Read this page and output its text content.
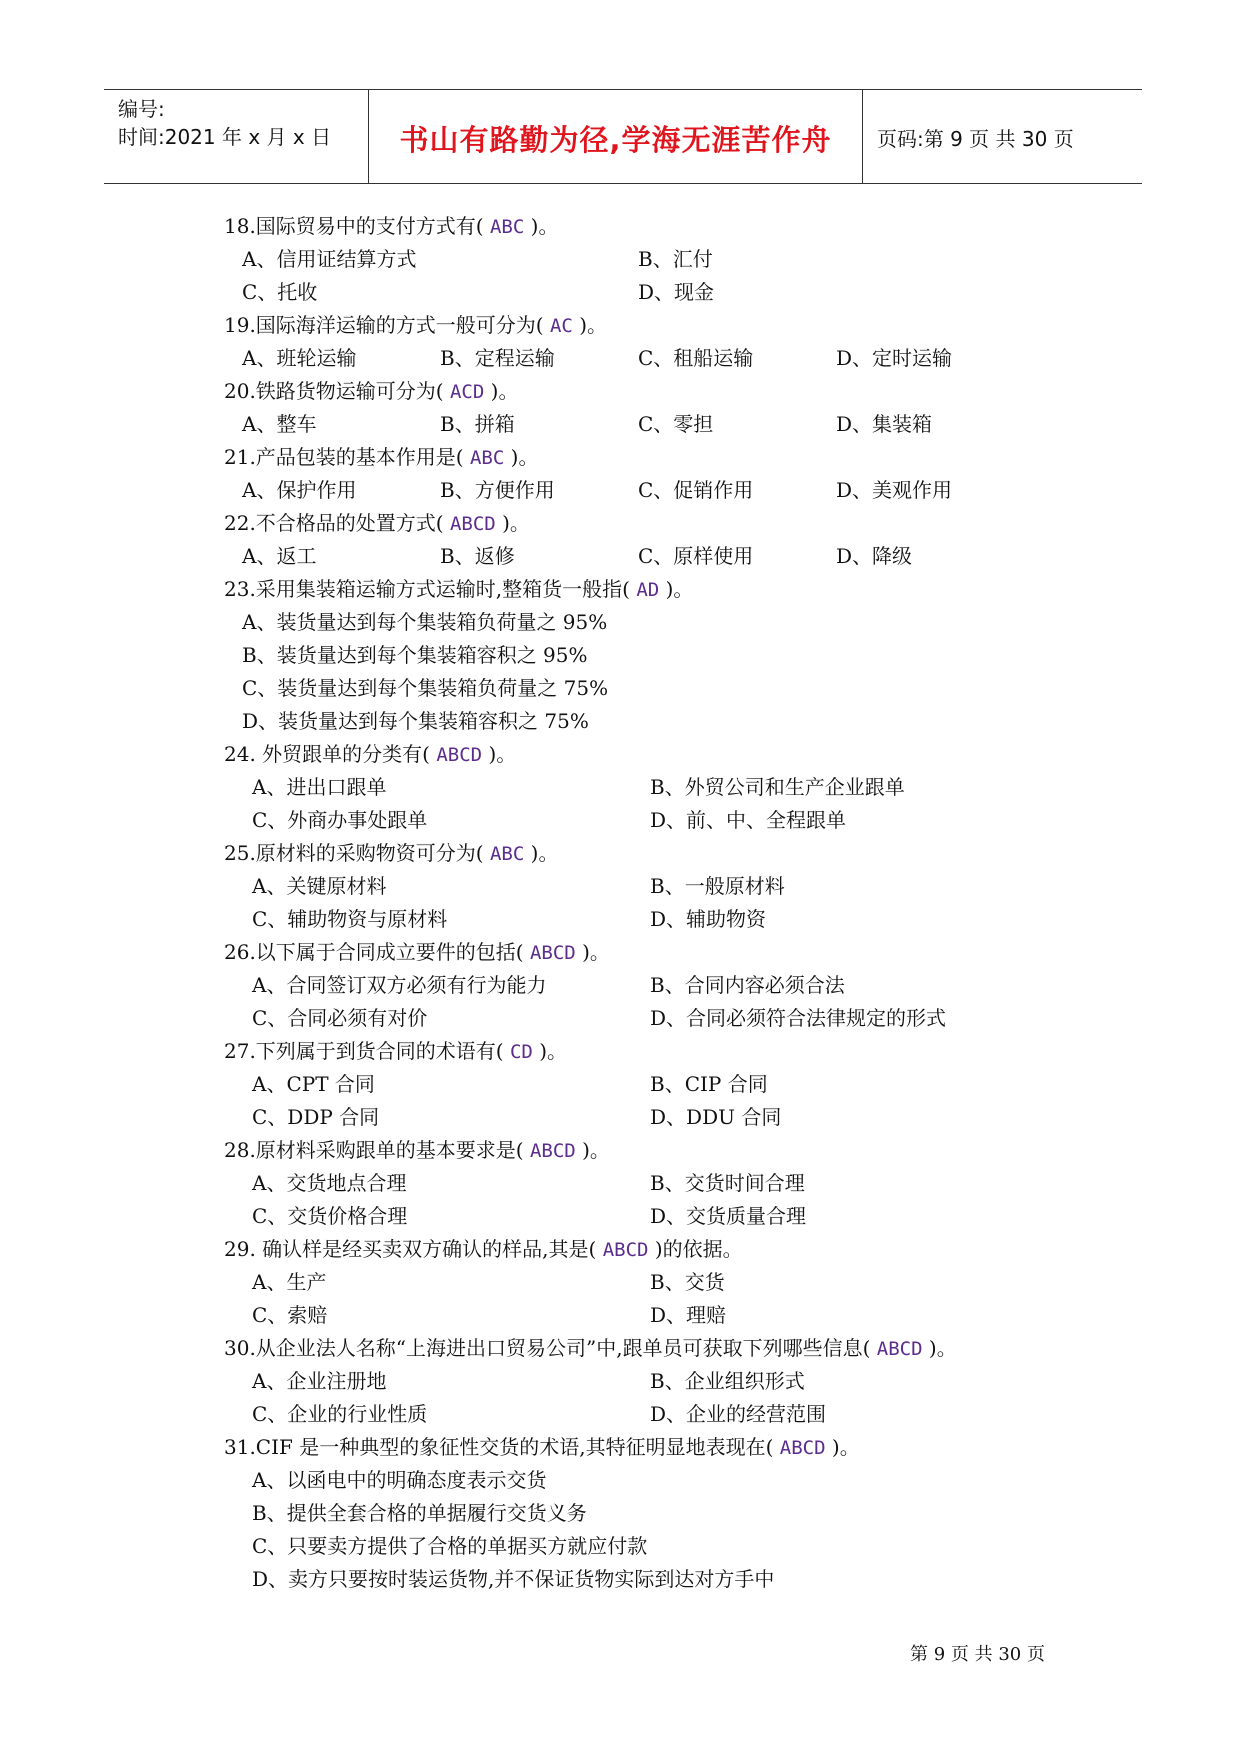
编号:
时间:2021 年 x 月 x 日	书山有路勤为径,学海无涯苦作舟	页码:第 9 页 共 30 页
18.国际贸易中的支付方式有( ABC )。
A、信用证结算方式	B、汇付
C、托收	D、现金
19.国际海洋运输的方式一般可分为( AC )。
A、班轮运输	B、定程运输	C、租船运输	D、定时运输
20.铁路货物运输可分为( ACD )。
A、整车	B、拼箱	C、零担	D、集装箱
21.产品包装的基本作用是( ABC )。
A、保护作用	B、方便作用	C、促销作用	D、美观作用
22.不合格品的处置方式( ABCD )。
A、返工	B、返修	C、原样使用	D、降级
23.采用集装箱运输方式运输时,整箱货一般指( AD )。
A、装货量达到每个集装箱负荷量之 95%
B、装货量达到每个集装箱容积之 95%
C、装货量达到每个集装箱负荷量之 75%
D、装货量达到每个集装箱容积之 75%
24. 外贸跟单的分类有( ABCD )。
A、进出口跟单	B、外贸公司和生产企业跟单
C、外商办事处跟单	D、前、中、全程跟单
25.原材料的采购物资可分为( ABC )。
A、关键原材料	B、一般原材料
C、辅助物资与原材料	D、辅助物资
26.以下属于合同成立要件的包括( ABCD )。
A、合同签订双方必须有行为能力	B、合同内容必须合法
C、合同必须有对价	D、合同必须符合法律规定的形式
27.下列属于到货合同的术语有( CD )。
A、CPT 合同	B、CIP 合同
C、DDP 合同	D、DDU 合同
28.原材料采购跟单的基本要求是( ABCD )。
A、交货地点合理	B、交货时间合理
C、交货价格合理	D、交货质量合理
29. 确认样是经买卖双方确认的样品,其是( ABCD )的依据。
A、生产	B、交货
C、索赔	D、理赔
30.从企业法人名称“上海进出口贸易公司”中,跟单员可获取下列哪些信息( ABCD )。
A、企业注册地	B、企业组织形式
C、企业的行业性质	D、企业的经营范围
31.CIF 是一种典型的象征性交货的术语,其特征明显地表现在( ABCD )。
A、以函电中的明确态度表示交货
B、提供全套合格的单据履行交货义务
C、只要卖方提供了合格的单据买方就应付款
D、卖方只要按时装运货物,并不保证货物实际到达对方手中
第 9 页 共 30 页
